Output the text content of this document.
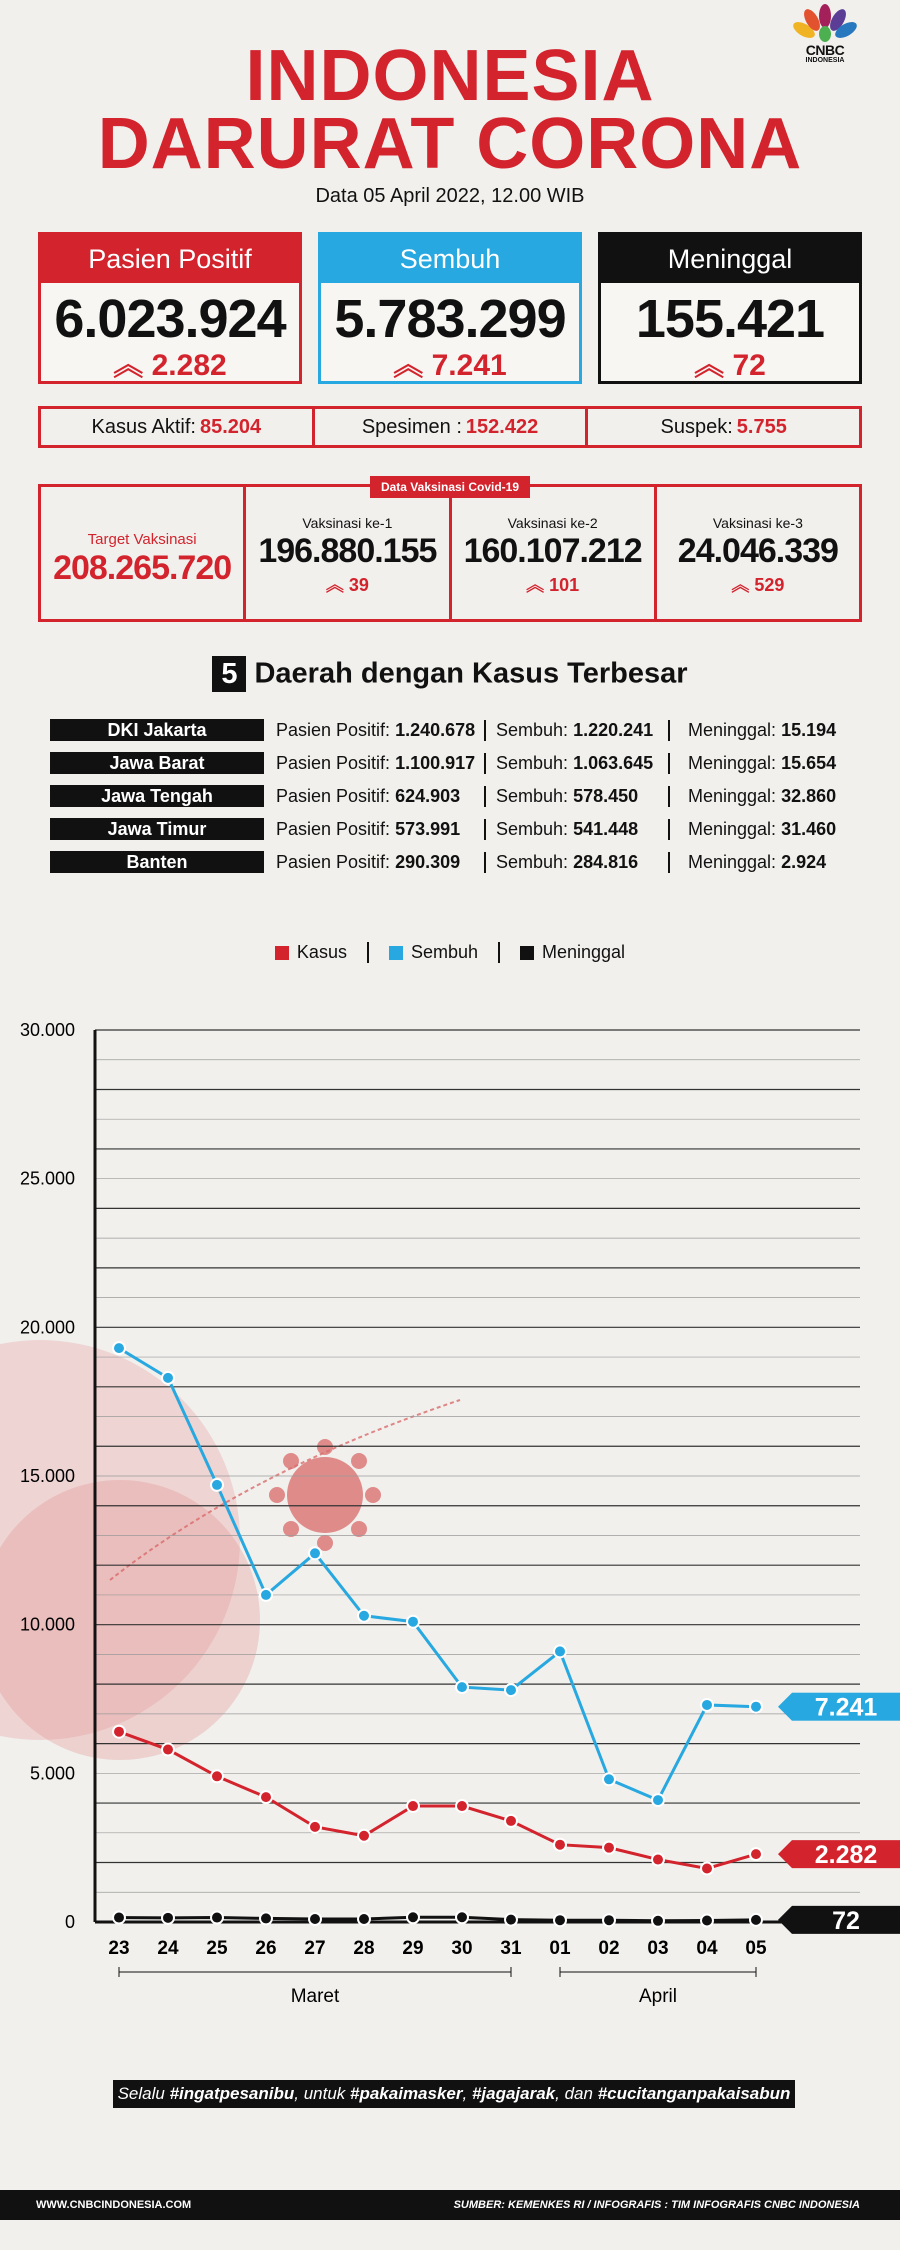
CNBC
INDONESIA
INDONESIA
DARURAT CORONA
Data 05 April 2022, 12.00 WIB
Pasien Positif
6.023.924
︽ 2.282
Sembuh
5.783.299
︽ 7.241
Meninggal
155.421
︽ 72
Kasus Aktif: 85.204	Spesimen : 152.422	Suspek: 5.755
Target Vaksinasi
208.265.720
Vaksinasi ke-1
196.880.155
︽ 39
Vaksinasi ke-2
160.107.212
︽ 101
Vaksinasi ke-3
24.046.339
︽ 529
Data Vaksinasi Covid-19
5 Daerah dengan Kasus Terbesar
DKI Jakarta	Pasien Positif: 1.240.678	Sembuh: 1.220.241	Meninggal: 15.194
Jawa Barat	Pasien Positif: 1.100.917	Sembuh: 1.063.645	Meninggal: 15.654
Jawa Tengah	Pasien Positif: 624.903	Sembuh: 578.450	Meninggal: 32.860
Jawa Timur	Pasien Positif: 573.991	Sembuh: 541.448	Meninggal: 31.460
Banten	Pasien Positif: 290.309	Sembuh: 284.816	Meninggal: 2.924
Kasus	Sembuh	Meninggal
0
5.000
10.000
15.000
20.000
25.000
30.000
23 24 25 26 27 28 29 30 31 01 02 03 04 05
Maret	April
7.241
2.282
72
Selalu #ingatpesanibu, untuk #pakaimasker, #jagajarak, dan #cucitanganpakaisabun
WWW.CNBCINDONESIA.COM	SUMBER: KEMENKES RI / INFOGRAFIS : TIM INFOGRAFIS CNBC INDONESIA
